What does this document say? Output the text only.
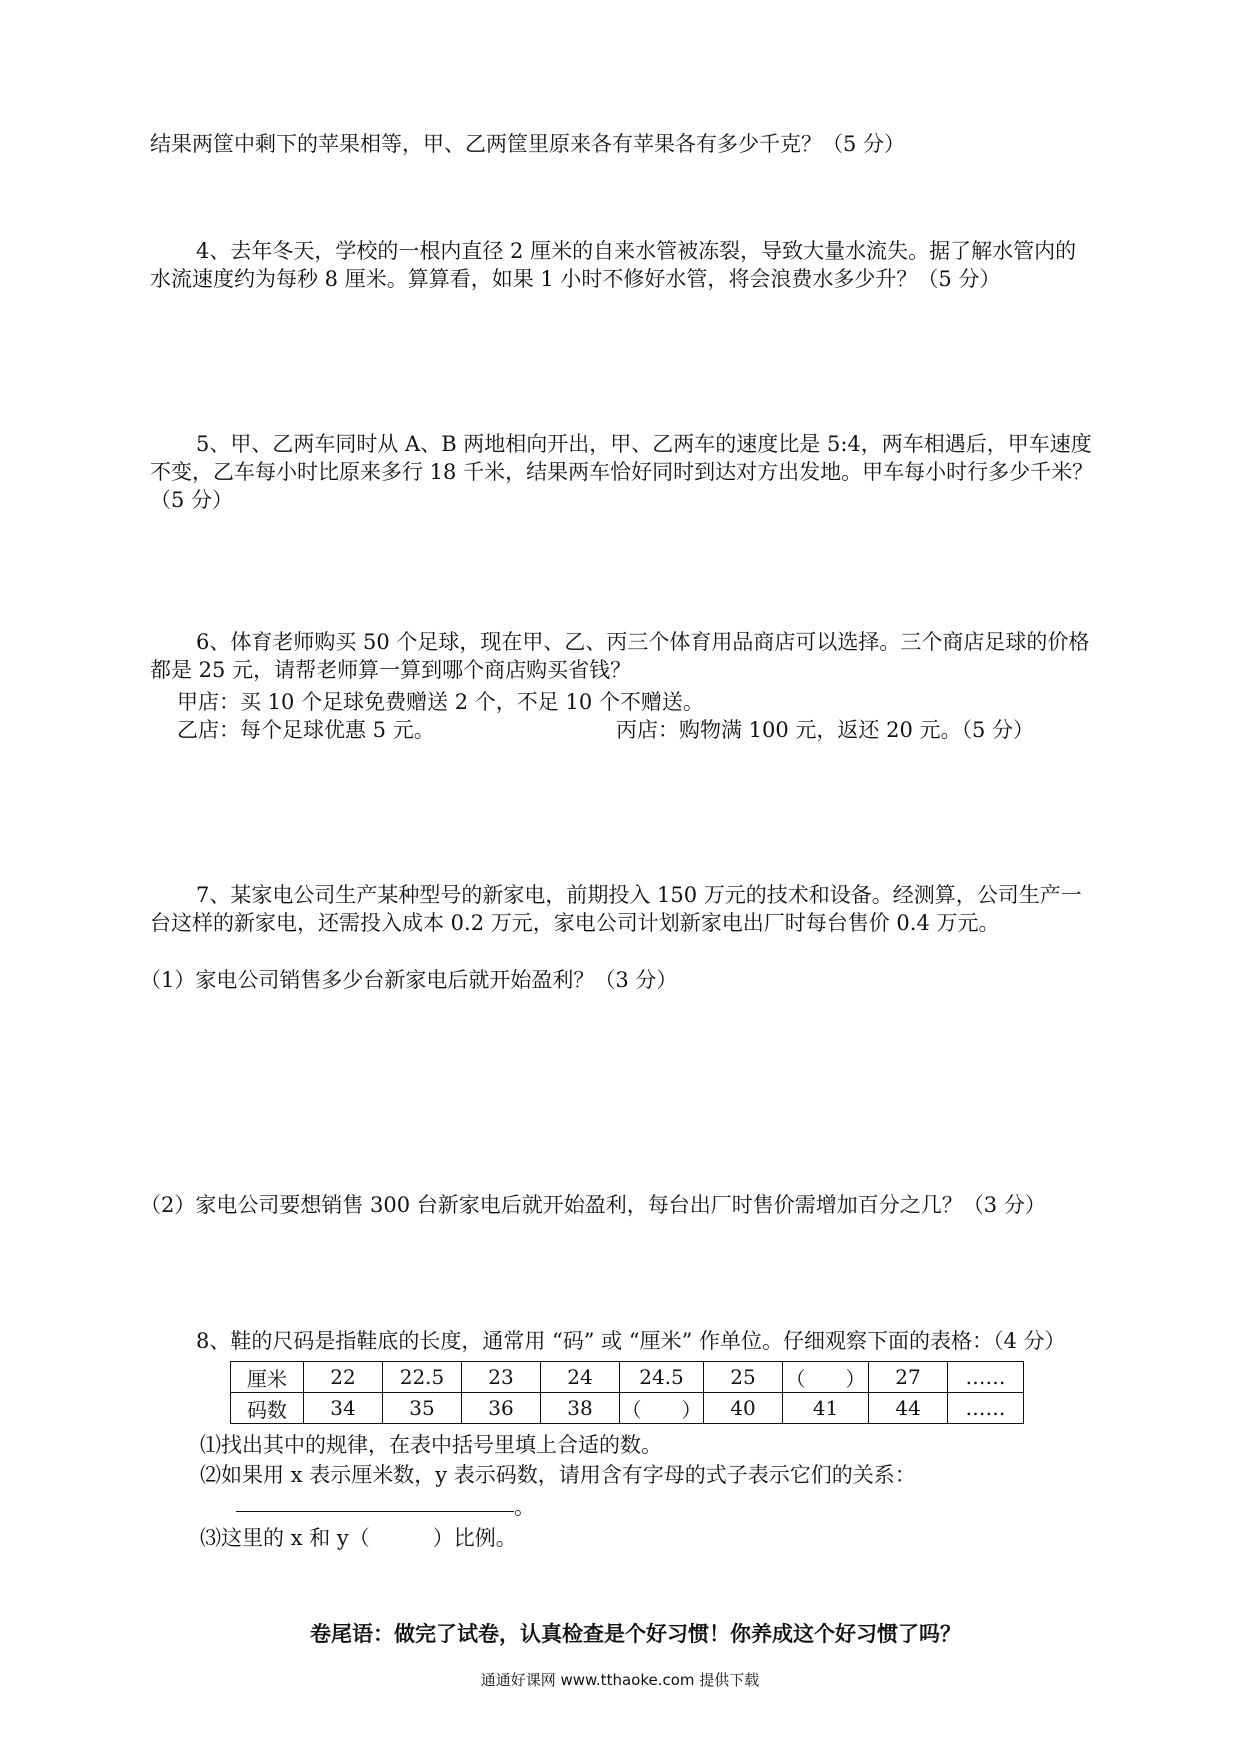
结果两筐中剩下的苹果相等，甲、乙两筐里原来各有苹果各有多少千克？（5 分）
4、去年冬天，学校的一根内直径 2 厘米的自来水管被冻裂，导致大量水流失。据了解水管内的水流速度约为每秒 8 厘米。算算看，如果 1 小时不修好水管，将会浪费水多少升？（5 分）
5、甲、乙两车同时从 A、B 两地相向开出，甲、乙两车的速度比是 5:4，两车相遇后，甲车速度不变，乙车每小时比原来多行 18 千米，结果两车恰好同时到达对方出发地。甲车每小时行多少千米？（5 分）
6、体育老师购买 50 个足球，现在甲、乙、丙三个体育用品商店可以选择。三个商店足球的价格都是 25 元，请帮老师算一算到哪个商店购买省钱？
甲店：买 10 个足球免费赠送 2 个，不足 10 个不赠送。
乙店：每个足球优惠 5 元。	丙店：购物满 100 元，返还 20 元。（5 分）
7、某家电公司生产某种型号的新家电，前期投入 150 万元的技术和设备。经测算，公司生产一台这样的新家电，还需投入成本 0.2 万元，家电公司计划新家电出厂时每台售价 0.4 万元。
（1）家电公司销售多少台新家电后就开始盈利？（3 分）
（2）家电公司要想销售 300 台新家电后就开始盈利，每台出厂时售价需增加百分之几？（3 分）
8、鞋的尺码是指鞋底的长度，通常用 “码” 或 “厘米” 作单位。仔细观察下面的表格：（4 分）
厘米	22	22.5	23	24	24.5	25	（　　）	27	……
码数	34	35	36	38	（　　）	40	41	44	……
⑴找出其中的规律，在表中括号里填上合适的数。
⑵如果用 x 表示厘米数，y 表示码数，请用含有字母的式子表示它们的关系：
。
⑶这里的 x 和 y（　　　）比例。
卷尾语：做完了试卷，认真检查是个好习惯！你养成这个好习惯了吗？
通通好课网 www.tthaoke.com 提供下载
